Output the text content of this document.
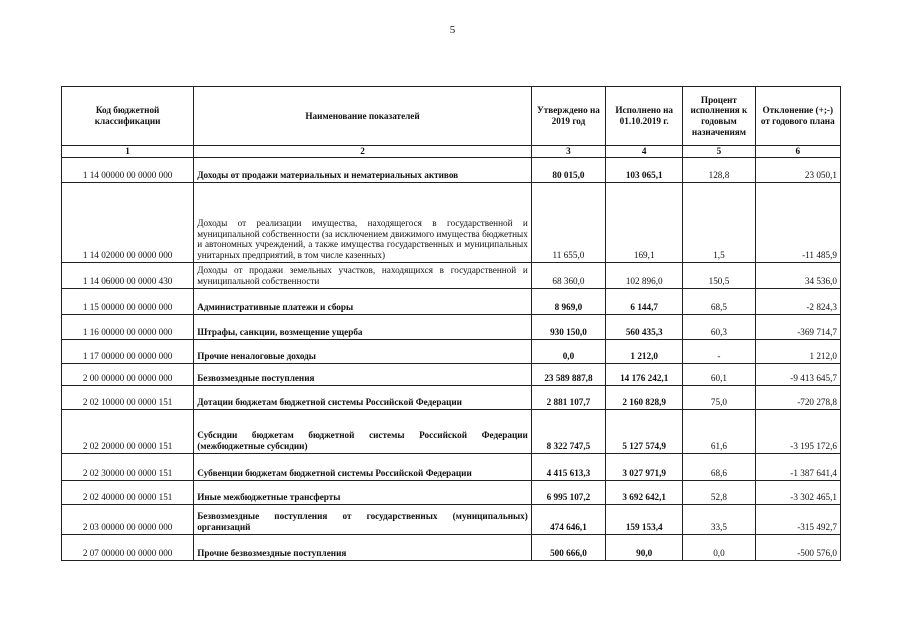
5
Код бюджетной классификации	Наименование показателей	Утверждено на 2019 год	Исполнено на 01.10.2019 г.	Процент исполнения к годовым назначениям	Отклонение (+;-) от годового плана
1	2	3	4	5	6
1 14 00000 00 0000 000	Доходы от продажи материальных и нематериальных активов	80 015,0	103 065,1	128,8	23 050,1
1 14 02000 00 0000 000	Доходы от реализации имущества, находящегося в государственной и муниципальной собственности (за исключением движимого имущества бюджетных и автономных учреждений, а также имущества государственных и муниципальных унитарных предприятий, в том числе казенных)	11 655,0	169,1	1,5	-11 485,9
1 14 06000 00 0000 430	Доходы от продажи земельных участков, находящихся в государственной и муниципальной собственности	68 360,0	102 896,0	150,5	34 536,0
1 15 00000 00 0000 000	Административные платежи и сборы	8 969,0	6 144,7	68,5	-2 824,3
1 16 00000 00 0000 000	Штрафы, санкции, возмещение ущерба	930 150,0	560 435,3	60,3	-369 714,7
1 17 00000 00 0000 000	Прочие неналоговые доходы	0,0	1 212,0	-	1 212,0
2 00 00000 00 0000 000	Безвозмездные поступления	23 589 887,8	14 176 242,1	60,1	-9 413 645,7
2 02 10000 00 0000 151	Дотации бюджетам бюджетной системы Российской Федерации	2 881 107,7	2 160 828,9	75,0	-720 278,8
2 02 20000 00 0000 151	Субсидии бюджетам бюджетной системы Российской Федерации (межбюджетные субсидии)	8 322 747,5	5 127 574,9	61,6	-3 195 172,6
2 02 30000 00 0000 151	Субвенции бюджетам бюджетной системы Российской Федерации	4 415 613,3	3 027 971,9	68,6	-1 387 641,4
2 02 40000 00 0000 151	Иные межбюджетные трансферты	6 995 107,2	3 692 642,1	52,8	-3 302 465,1
2 03 00000 00 0000 000	Безвозмездные поступления от государственных (муниципальных) организаций	474 646,1	159 153,4	33,5	-315 492,7
2 07 00000 00 0000 000	Прочие безвозмездные поступления	500 666,0	90,0	0,0	-500 576,0
